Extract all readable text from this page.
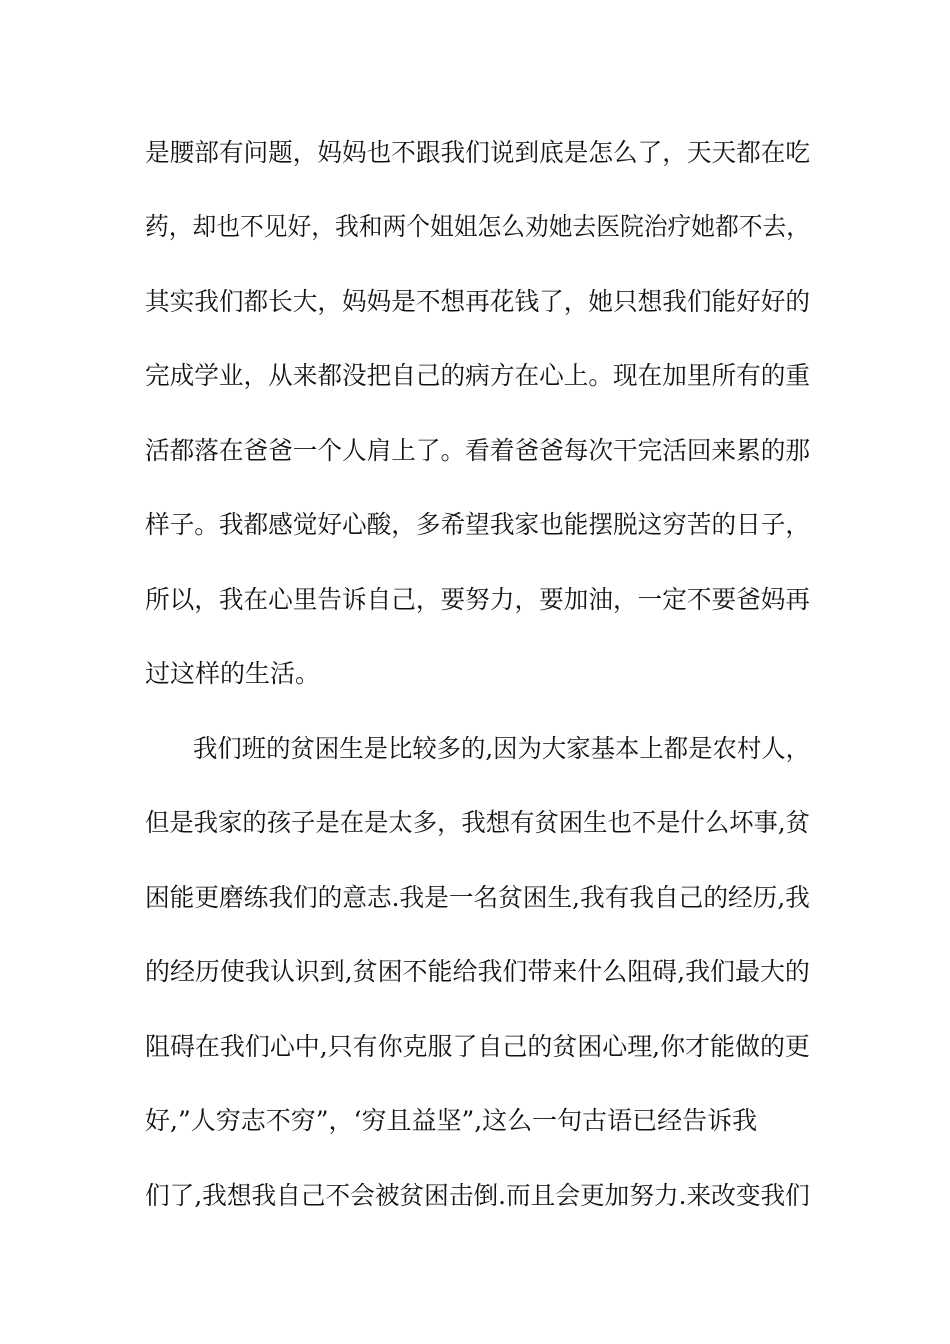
是腰部有问题，妈妈也不跟我们说到底是怎么了，天天都在吃
药，却也不见好，我和两个姐姐怎么劝她去医院治疗她都不去，
其实我们都长大，妈妈是不想再花钱了，她只想我们能好好的
完成学业，从来都没把自己的病方在心上。现在加里所有的重
活都落在爸爸一个人肩上了。看着爸爸每次干完活回来累的那
样子。我都感觉好心酸，多希望我家也能摆脱这穷苦的日子，
所以，我在心里告诉自己，要努力，要加油，一定不要爸妈再
过这样的生活。
我们班的贫困生是比较多的,因为大家基本上都是农村人，
但是我家的孩子是在是太多，我想有贫困生也不是什么坏事,贫
困能更磨练我们的意志.我是一名贫困生,我有我自己的经历,我
的经历使我认识到,贫困不能给我们带来什么阻碍,我们最大的
阻碍在我们心中,只有你克服了自己的贫困心理,你才能做的更
好,”人穷志不穷”，‘穷且益坚”,这么一句古语已经告诉我
们了,我想我自己不会被贫困击倒.而且会更加努力.来改变我们
